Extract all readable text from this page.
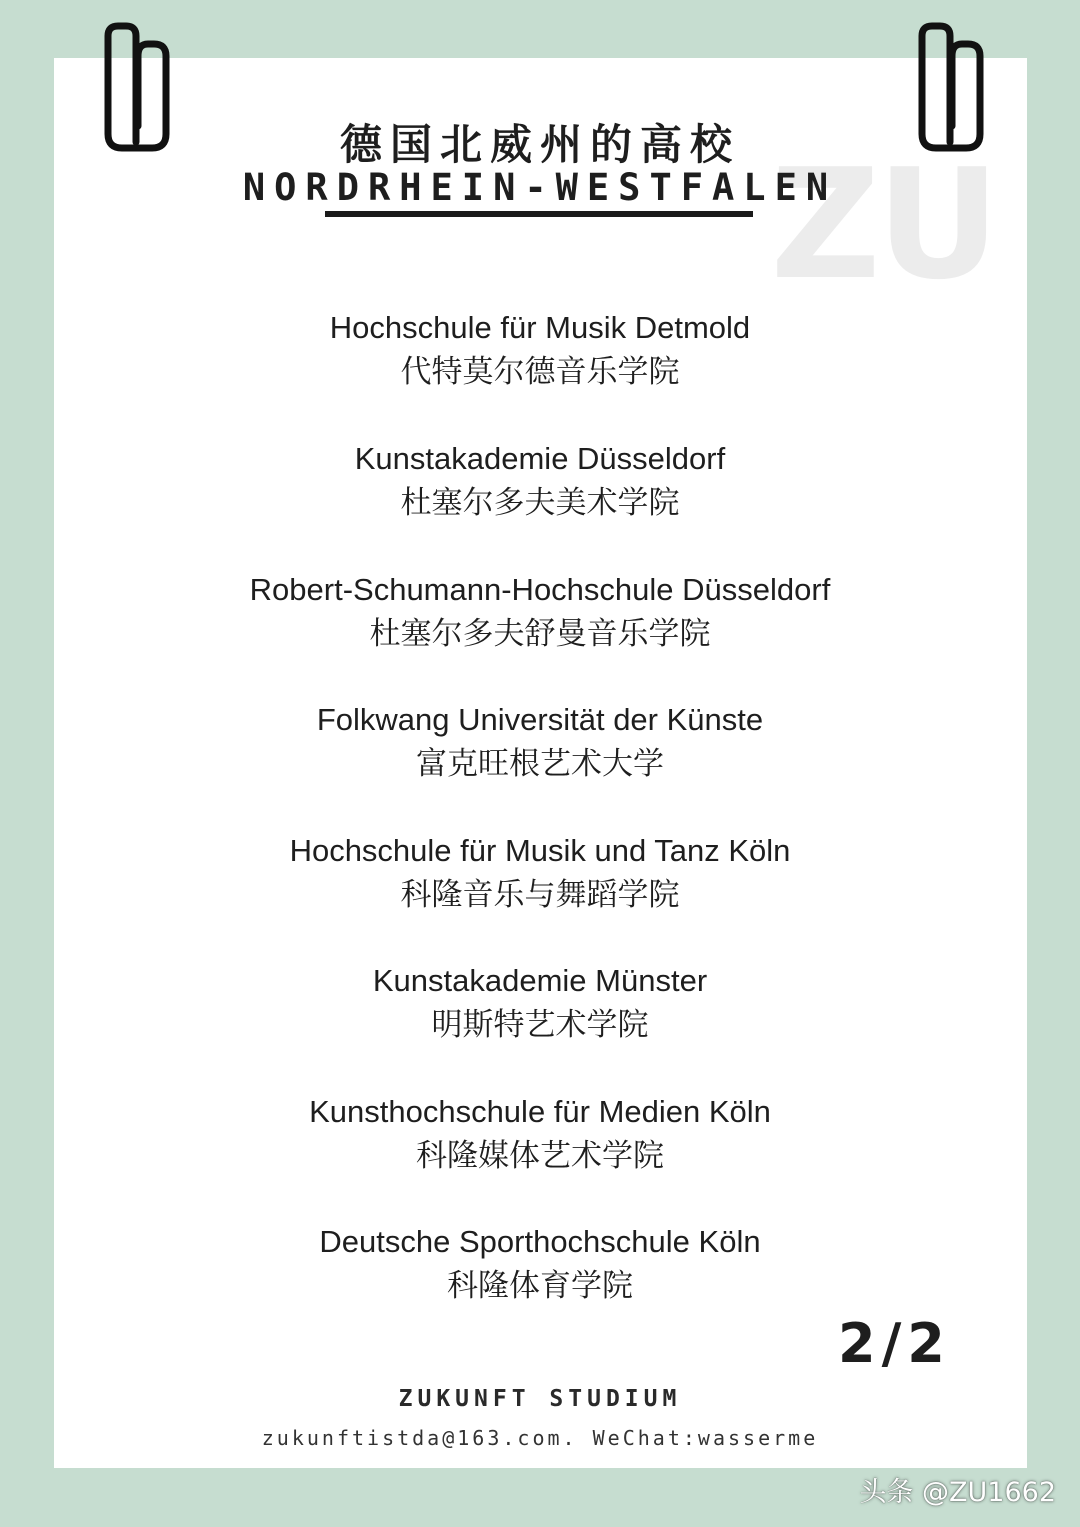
ZU
德国北威州的高校
NORDRHEIN-WESTFALEN
Hochschule für Musik Detmold
代特莫尔德音乐学院
Kunstakademie Düsseldorf
杜塞尔多夫美术学院
Robert-Schumann-Hochschule Düsseldorf
杜塞尔多夫舒曼音乐学院
Folkwang Universität der Künste
富克旺根艺术大学
Hochschule für Musik und Tanz Köln
科隆音乐与舞蹈学院
Kunstakademie Münster
明斯特艺术学院
Kunsthochschule für Medien Köln
科隆媒体艺术学院
Deutsche Sporthochschule Köln
科隆体育学院
2/2
ZUKUNFT STUDIUM
zukunftistda@163.com. WeChat:wasserme
头条 @ZU1662
